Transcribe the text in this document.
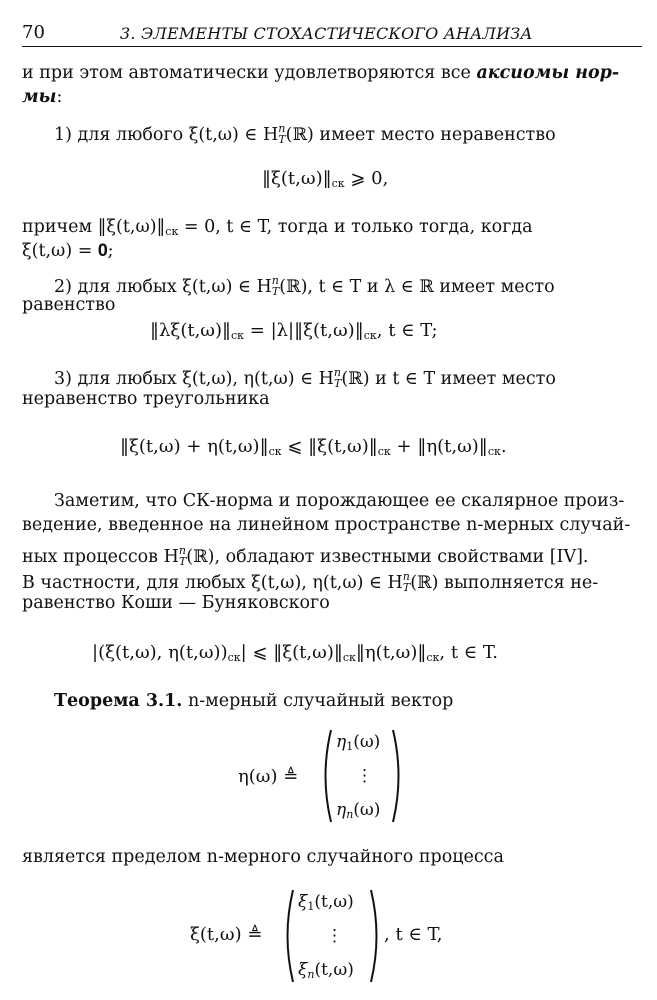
70	3. ЭЛЕМЕНТЫ СТОХАСТИЧЕСКОГО АНАЛИЗА
и при этом автоматически удовлетворяются все аксиомы нор-
мы:
1) для любого ξ(t,ω) ∈ $H^n_T(ℝ)$ имеет место неравенство
$‖\xi(t,\omega)‖_{ск}$ ⩾ 0,
причем $‖\xi(t,\omega)‖_{ск} = 0$, t ∈ T, тогда и только тогда, когда
ξ(t,ω) = 𝟎;
2) для любых ξ(t,ω) ∈ $H^n_T(ℝ)$, t ∈ T и λ ∈ ℝ имеет место
равенство
$‖\lambda\xi(t,\omega)‖_{ск}$ = $|\lambda|‖\xi(t,\omega)‖_{ск}$, t ∈ T;
3) для любых ξ(t,ω), η(t,ω) ∈ $H^n_T(ℝ)$ и t ∈ T имеет место
неравенство треугольника
‖ξ(t,ω) + $\eta(t,\omega)‖_{ск}$ ⩽ $‖\xi(t,\omega)‖_{ск}$ + $‖\eta(t,\omega)‖_{ск}$.
Заметим, что СК-норма и порождающее ее скалярное произ-
ведение, введенное на линейном пространстве n-мерных случай-
ных процессов $H^n_T(ℝ)$, обладают известными свойствами [IV].
В частности, для любых ξ(t,ω), η(t,ω) ∈ $H^n_T(ℝ)$ выполняется не-
равенство Коши — Буняковского
|(ξ(t,ω), $\eta(t,\omega))_{ск}|$ ⩽ $‖\xi(t,\omega)‖_{ск}‖\eta(t,\omega)‖_{ск}$, t ∈ T.
Теорема 3.1. n-мерный случайный вектор
η(ω) ≜
$\eta_1(\omega)$
⋮
$\eta_n(\omega)$
является пределом n-мерного случайного процесса
ξ(t,ω) ≜
$\xi_1(t,\omega)$
⋮
$\xi_n(t,\omega)$
, t ∈ T,
